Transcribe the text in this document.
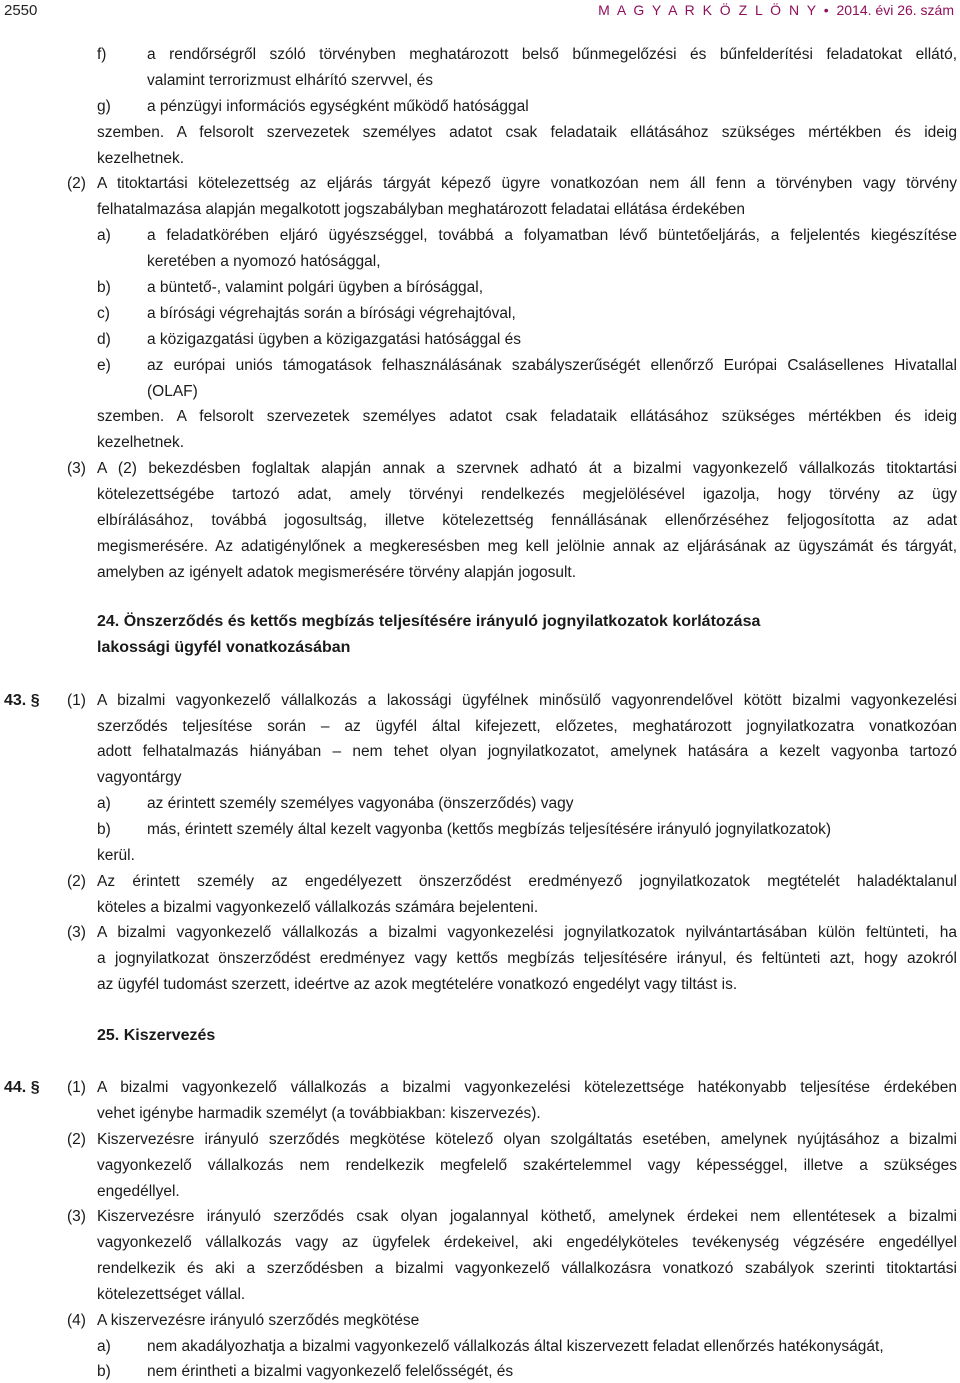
2550	M A G Y A R K Ö Z L Ö N Y • 2014. évi 26. szám
f)	a rendőrségről szóló törvényben meghatározott belső bűnmegelőzési és bűnfelderítési feladatokat ellátó,
valamint terrorizmust elhárító szervvel, és
g) a pénzügyi információs egységként működő hatósággal
szemben. A felsorolt szervezetek személyes adatot csak feladataik ellátásához szükséges mértékben és ideig
kezelhetnek.
(2) A titoktartási kötelezettség az eljárás tárgyát képező ügyre vonatkozóan nem áll fenn a törvényben vagy törvény
felhatalmazása alapján megalkotott jogszabályban meghatározott feladatai ellátása érdekében
a) a feladatkörében eljáró ügyészséggel, továbbá a folyamatban lévő büntetőeljárás, a feljelentés kiegészítése
keretében a nyomozó hatósággal,
b) a büntető-, valamint polgári ügyben a bírósággal,
c) a bírósági végrehajtás során a bírósági végrehajtóval,
d) a közigazgatási ügyben a közigazgatási hatósággal és
e) az európai uniós támogatások felhasználásának szabályszerűségét ellenőrző Európai Csalásellenes Hivatallal
(OLAF)
szemben. A felsorolt szervezetek személyes adatot csak feladataik ellátásához szükséges mértékben és ideig
kezelhetnek.
(3) A (2) bekezdésben foglaltak alapján annak a szervnek adható át a bizalmi vagyonkezelő vállalkozás titoktartási
kötelezettségébe tartozó adat, amely törvényi rendelkezés megjelölésével igazolja, hogy törvény az ügy
elbírálásához, továbbá jogosultság, illetve kötelezettség fennállásának ellenőrzéséhez feljogosította az adat
megismerésére. Az adatigénylőnek a megkeresésben meg kell jelölnie annak az eljárásának az ügyszámát és tárgyát,
amelyben az igényelt adatok megismerésére törvény alapján jogosult.
24. Önszerződés és kettős megbízás teljesítésére irányuló jognyilatkozatok korlátozása
lakossági ügyfél vonatkozásában
43. § (1) A bizalmi vagyonkezelő vállalkozás a lakossági ügyfélnek minősülő vagyonrendelővel kötött bizalmi vagyonkezelési
szerződés teljesítése során – az ügyfél által kifejezett, előzetes, meghatározott jognyilatkozatra vonatkozóan
adott felhatalmazás hiányában – nem tehet olyan jognyilatkozatot, amelynek hatására a kezelt vagyonba tartozó
vagyontárgy
a) az érintett személy személyes vagyonába (önszerződés) vagy
b) más, érintett személy által kezelt vagyonba (kettős megbízás teljesítésére irányuló jognyilatkozatok)
kerül.
(2) Az érintett személy az engedélyezett önszerződést eredményező jognyilatkozatok megtételét haladéktalanul
köteles a bizalmi vagyonkezelő vállalkozás számára bejelenteni.
(3) A bizalmi vagyonkezelő vállalkozás a bizalmi vagyonkezelési jognyilatkozatok nyilvántartásában külön feltünteti, ha
a jognyilatkozat önszerződést eredményez vagy kettős megbízás teljesítésére irányul, és feltünteti azt, hogy azokról
az ügyfél tudomást szerzett, ideértve az azok megtételére vonatkozó engedélyt vagy tiltást is.
25. Kiszervezés
44. § (1) A bizalmi vagyonkezelő vállalkozás a bizalmi vagyonkezelési kötelezettsége hatékonyabb teljesítése érdekében
vehet igénybe harmadik személyt (a továbbiakban: kiszervezés).
(2) Kiszervezésre irányuló szerződés megkötése kötelező olyan szolgáltatás esetében, amelynek nyújtásához a bizalmi
vagyonkezelő vállalkozás nem rendelkezik megfelelő szakértelemmel vagy képességgel, illetve a szükséges
engedéllyel.
(3) Kiszervezésre irányuló szerződés csak olyan jogalannyal köthető, amelynek érdekei nem ellentétesek a bizalmi
vagyonkezelő vállalkozás vagy az ügyfelek érdekeivel, aki engedélyköteles tevékenység végzésére engedéllyel
rendelkezik és aki a szerződésben a bizalmi vagyonkezelő vállalkozásra vonatkozó szabályok szerinti titoktartási
kötelezettséget vállal.
(4) A kiszervezésre irányuló szerződés megkötése
a) nem akadályozhatja a bizalmi vagyonkezelő vállalkozás által kiszervezett feladat ellenőrzés hatékonyságát,
b) nem érintheti a bizalmi vagyonkezelő felelősségét, és
